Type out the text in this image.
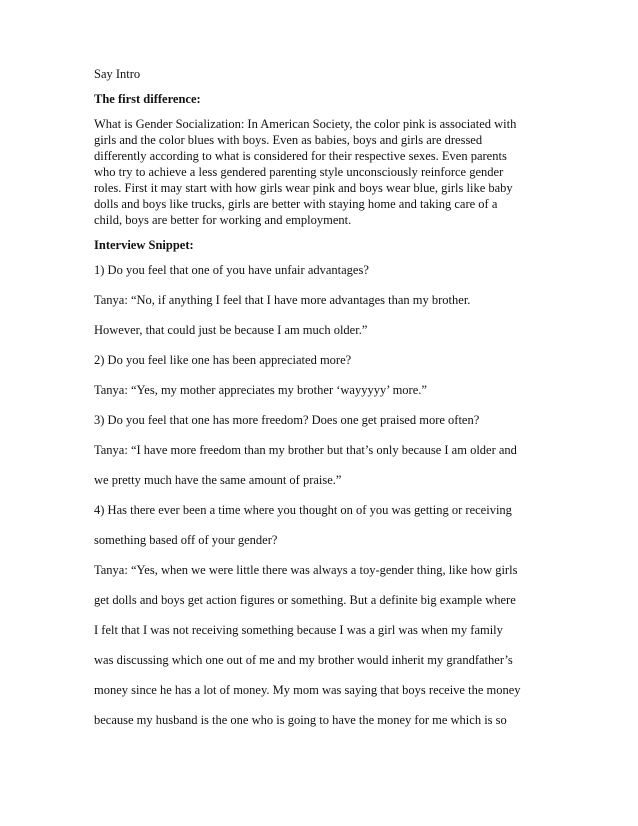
Say Intro
The first difference:
What is Gender Socialization: In American Society, the color pink is associated with
girls and the color blues with boys. Even as babies, boys and girls are dressed
differently according to what is considered for their respective sexes. Even parents
who try to achieve a less gendered parenting style unconsciously reinforce gender
roles. First it may start with how girls wear pink and boys wear blue, girls like baby
dolls and boys like trucks, girls are better with staying home and taking care of a
child, boys are better for working and employment.
Interview Snippet:
1) Do you feel that one of you have unfair advantages?
Tanya: “No, if anything I feel that I have more advantages than my brother.
However, that could just be because I am much older.”
2) Do you feel like one has been appreciated more?
Tanya: “Yes, my mother appreciates my brother ‘wayyyyy’ more.”
3) Do you feel that one has more freedom? Does one get praised more often?
Tanya: “I have more freedom than my brother but that’s only because I am older and
we pretty much have the same amount of praise.”
4) Has there ever been a time where you thought on of you was getting or receiving
something based off of your gender?
Tanya: “Yes, when we were little there was always a toy-gender thing, like how girls
get dolls and boys get action figures or something. But a definite big example where
I felt that I was not receiving something because I was a girl was when my family
was discussing which one out of me and my brother would inherit my grandfather’s
money since he has a lot of money. My mom was saying that boys receive the money
because my husband is the one who is going to have the money for me which is so
